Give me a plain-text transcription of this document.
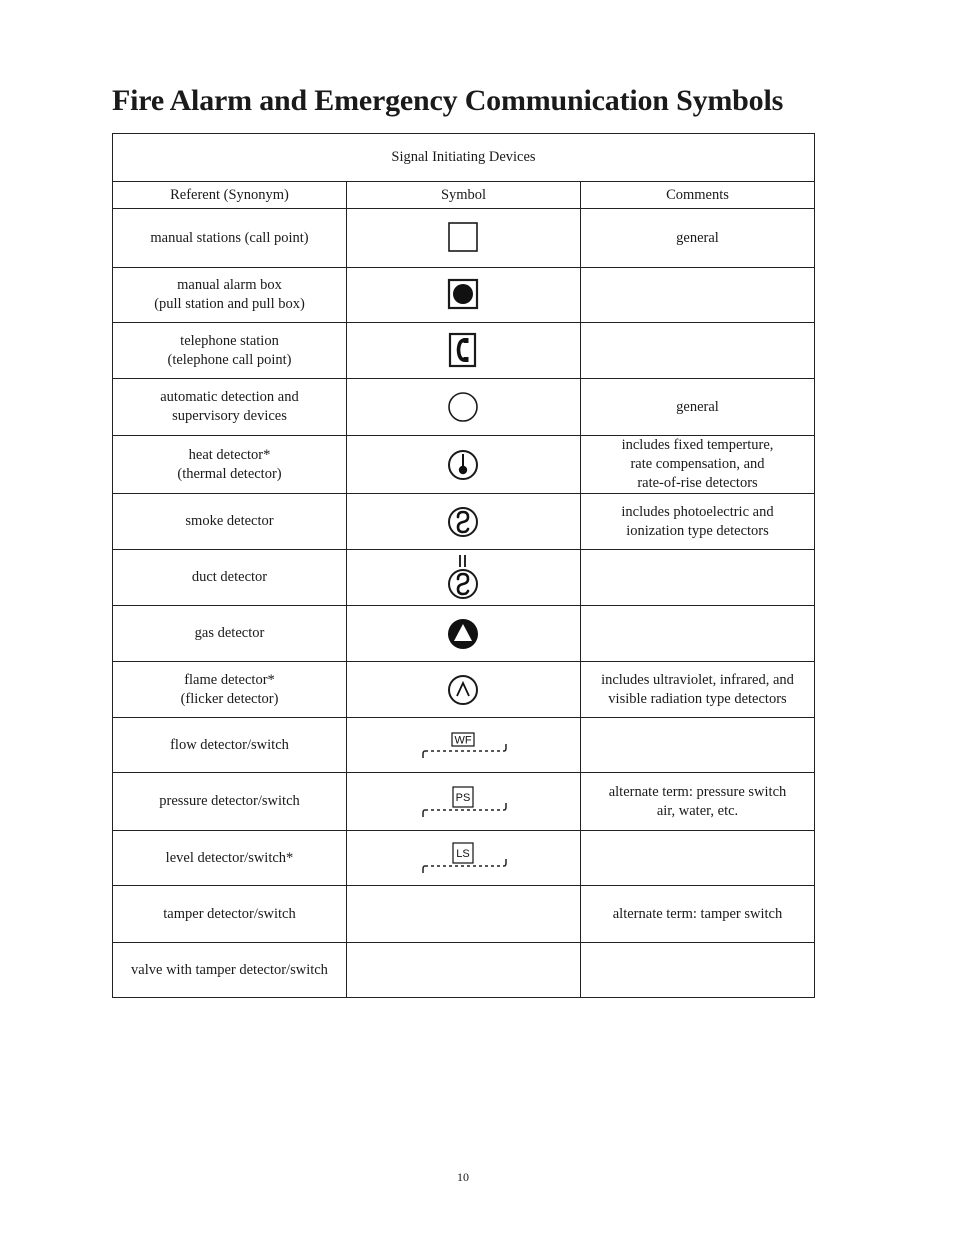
Fire Alarm and Emergency Communication Symbols
Signal Initiating Devices		
Referent (Synonym)	Symbol	Comments
manual stations (call point)		general
manual alarm box
(pull station and pull box)	

telephone station
(telephone call point)	

automatic detection and
supervisory devices		general
heat detector*
(thermal detector)		includes fixed temperture,
rate compensation, and
rate-of-rise detectors
smoke detector		includes photoelectric and
ionization type detectors
duct detector	

gas detector	

flame detector*
(flicker detector)		includes ultraviolet, infrared, and
visible radiation type detectors
flow detector/switch	WF	

pressure detector/switch	PS	alternate term: pressure switch
air, water, etc.
level detector/switch*	LS	

tamper detector/switch		alternate term: tamper switch
valve with tamper detector/switch		
10
